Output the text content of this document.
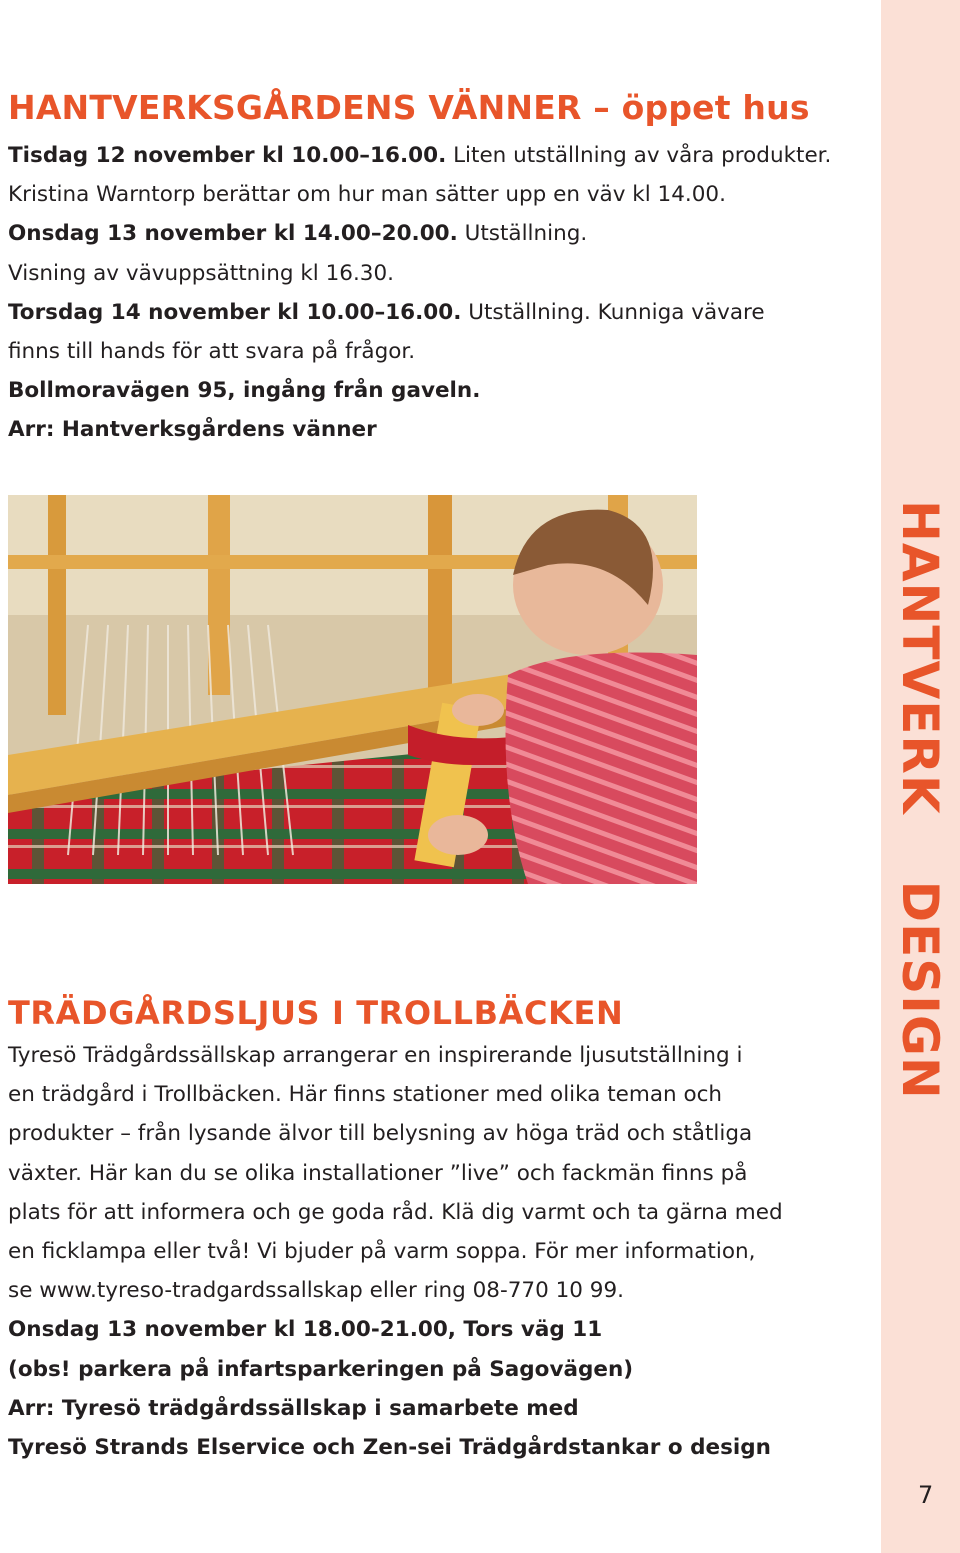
HANTVERKDESIGN
7
HANTVERKSGÅRDENS VÄNNER – öppet hus
Tisdag 12 november kl 10.00–16.00. Liten utställning av våra produkter.
Kristina Warntorp berättar om hur man sätter upp en väv kl 14.00.
Onsdag 13 november kl 14.00–20.00. Utställning.
Visning av vävuppsättning kl 16.30.
Torsdag 14 november kl 10.00–16.00. Utställning. Kunniga vävare
finns till hands för att svara på frågor.
Bollmoravägen 95, ingång från gaveln.
Arr: Hantverksgårdens vänner
TRÄDGÅRDSLJUS I TROLLBÄCKEN
Tyresö Trädgårdssällskap arrangerar en inspirerande ljusutställning i
en trädgård i Trollbäcken. Här finns stationer med olika teman och
produkter – från lysande älvor till belysning av höga träd och ståtliga
växter. Här kan du se olika installationer ”live” och fackmän finns på
plats för att informera och ge goda råd. Klä dig varmt och ta gärna med
en ficklampa eller två! Vi bjuder på varm soppa. För mer information,
se www.tyreso-tradgardssallskap eller ring 08-770 10 99.
Onsdag 13 november kl 18.00-21.00, Tors väg 11
(obs! parkera på infartsparkeringen på Sagovägen)
Arr: Tyresö trädgårdssällskap i samarbete med
Tyresö Strands Elservice och Zen-sei Trädgårdstankar o design
